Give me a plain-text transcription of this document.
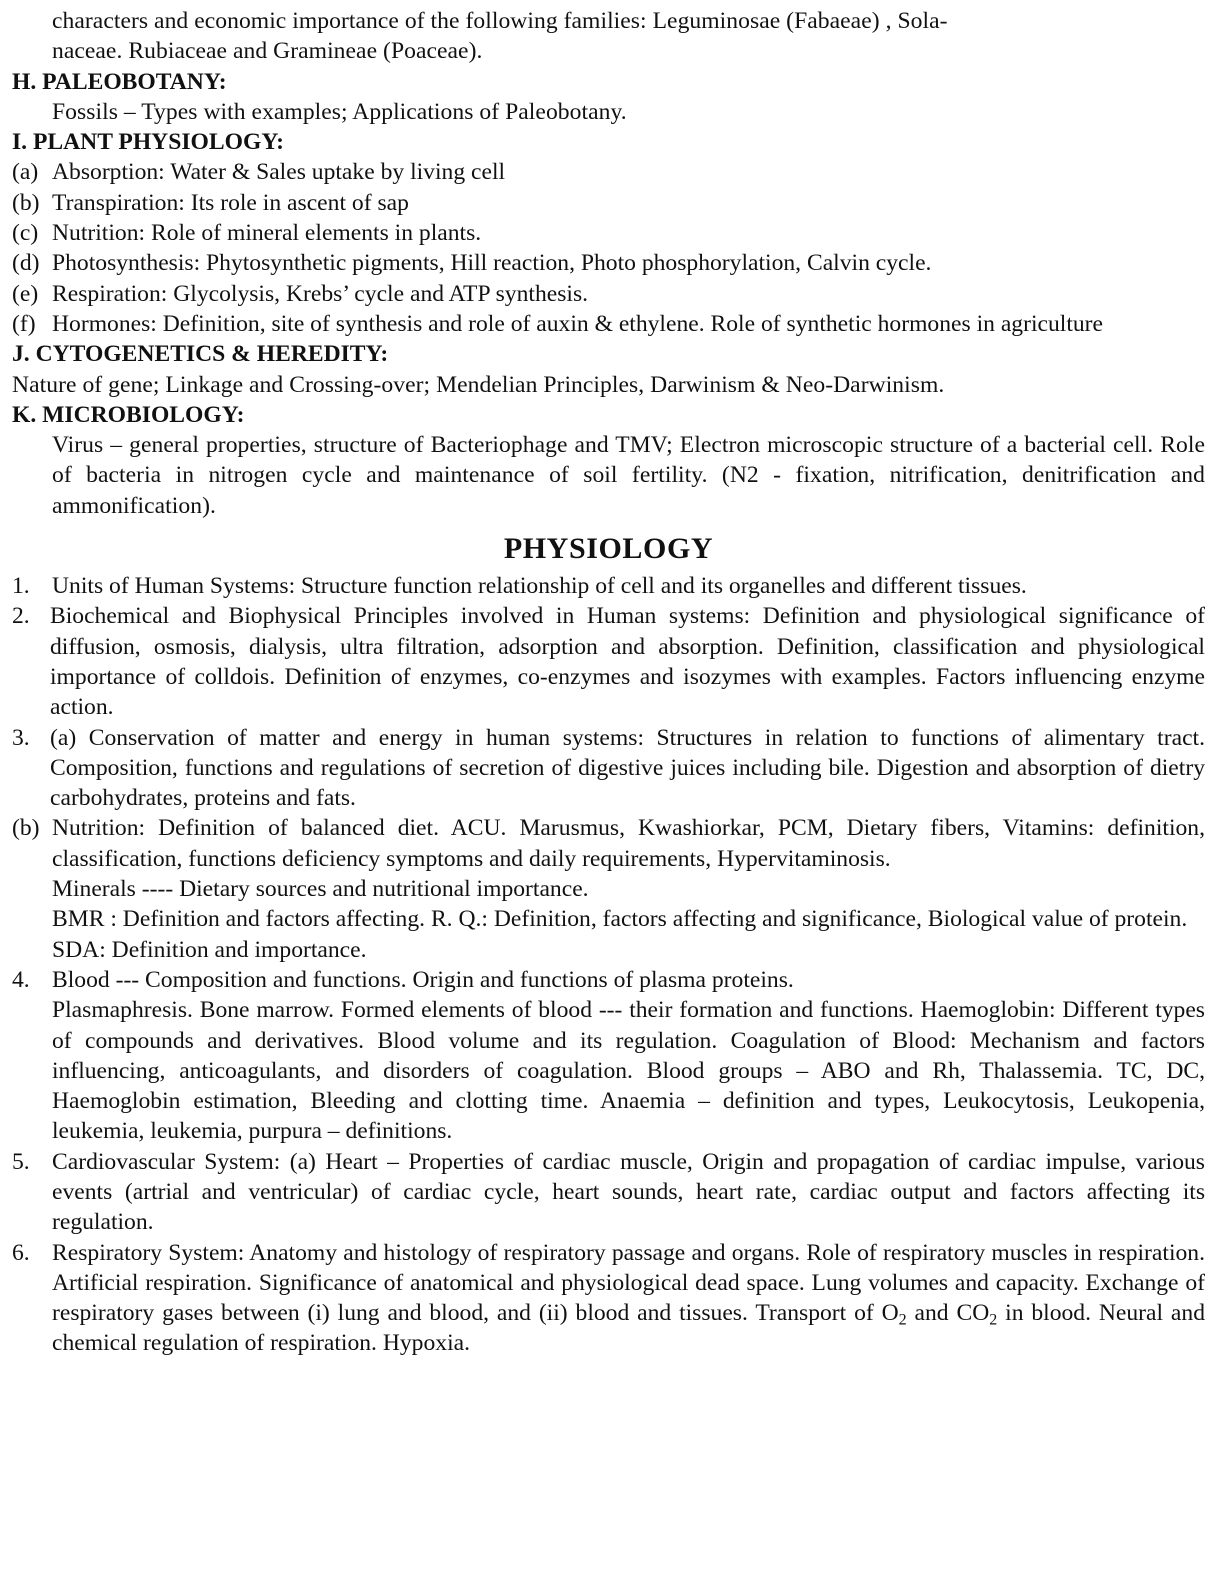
characters and economic importance of the following families: Leguminosae (Fabaeae) , Sola-
naceae. Rubiaceae and Gramineae (Poaceae).
H. PALEOBOTANY:
Fossils – Types with examples; Applications of Paleobotany.
I. PLANT PHYSIOLOGY:
(a) Absorption: Water & Sales uptake by living cell
(b) Transpiration: Its role in ascent of sap
(c) Nutrition: Role of mineral elements in plants.
(d) Photosynthesis: Phytosynthetic pigments, Hill reaction, Photo phosphorylation, Calvin cycle.
(e) Respiration: Glycolysis, Krebs’ cycle and ATP synthesis.
(f) Hormones: Definition, site of synthesis and role of auxin & ethylene. Role of synthetic hormones in agriculture
J. CYTOGENETICS & HEREDITY:
Nature of gene; Linkage and Crossing-over; Mendelian Principles, Darwinism & Neo-Darwinism.
K. MICROBIOLOGY:
Virus – general properties, structure of Bacteriophage and TMV; Electron microscopic structure of a bacterial cell. Role of bacteria in nitrogen cycle and maintenance of soil fertility. (N2 - fixation, nitrification, denitrification and ammonification).
PHYSIOLOGY
1. Units of Human Systems: Structure function relationship of cell and its organelles and different tissues.
2. Biochemical and Biophysical Principles involved in Human systems: Definition and physiological significance of diffusion, osmosis, dialysis, ultra filtration, adsorption and absorption. Definition, classification and physiological importance of colldois. Definition of enzymes, co-enzymes and isozymes with examples. Factors influencing enzyme action.
3. (a) Conservation of matter and energy in human systems: Structures in relation to functions of alimentary tract. Composition, functions and regulations of secretion of digestive juices including bile. Digestion and absorption of dietry carbohydrates, proteins and fats.
(b) Nutrition: Definition of balanced diet. ACU. Marusmus, Kwashiorkar, PCM, Dietary fibers, Vitamins: definition, classification, functions deficiency symptoms and daily requirements, Hypervitaminosis.
Minerals ---- Dietary sources and nutritional importance.
BMR : Definition and factors affecting. R. Q.: Definition, factors affecting and significance, Biological value of protein.
SDA: Definition and importance.
4. Blood --- Composition and functions. Origin and functions of plasma proteins.
Plasmaphresis. Bone marrow. Formed elements of blood --- their formation and functions. Haemoglobin: Different types of compounds and derivatives. Blood volume and its regulation. Coagulation of Blood: Mechanism and factors influencing, anticoagulants, and disorders of coagulation. Blood groups – ABO and Rh, Thalassemia. TC, DC, Haemoglobin estimation, Bleeding and clotting time. Anaemia – definition and types, Leukocytosis, Leukopenia, leukemia, leukemia, purpura – definitions.
5. Cardiovascular System: (a) Heart – Properties of cardiac muscle, Origin and propagation of cardiac impulse, various events (artrial and ventricular) of cardiac cycle, heart sounds, heart rate, cardiac output and factors affecting its regulation.
6. Respiratory System: Anatomy and histology of respiratory passage and organs. Role of respiratory muscles in respiration. Artificial respiration. Significance of anatomical and physiological dead space. Lung volumes and capacity. Exchange of respiratory gases between (i) lung and blood, and (ii) blood and tissues. Transport of $O_2$ and $CO_2$ in blood. Neural and chemical regulation of respiration. Hypoxia.
